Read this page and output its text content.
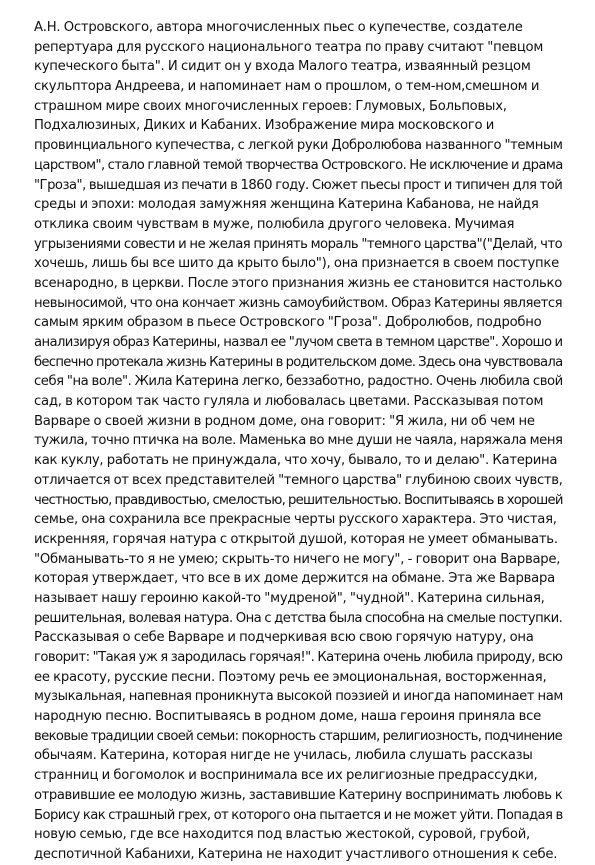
А.Н. Островского, автора многочисленных пьес о купечестве, создателе
репертуара для русского национального театра по праву считают "певцом
купеческого быта". И сидит он у входа Малого театра, изваянный резцом
скульптора Андреева, и напоминает нам о прошлом, о тем-ном,смешном и
страшном мире своих многочисленных героев: Глумовых, Больповых,
Подхалюзиных, Диких и Кабаних. Изображение мира московского и
провинциального купечества, с легкой руки Добролюбова названного "темным
царством", стало главной темой творчества Островского. Не исключение и драма
"Гроза", вышедшая из печати в 1860 году. Сюжет пьесы прост и типичен для той
среды и эпохи: молодая замужняя женщина Катерина Кабанова, не найдя
отклика своим чувствам в муже, полюбила другого человека. Мучимая
угрызениями совести и не желая принять мораль "темного царства"("Делай, что
хочешь, лишь бы все шито да крыто было"), она признается в своем поступке
всенародно, в церкви. После этого признания жизнь ее становится настолько
невыносимой, что она кончает жизнь самоубийством. Образ Катерины является
самым ярким образом в пьесе Островского "Гроза". Добролюбов, подробно
анализируя образ Катерины, назвал ее "лучом света в темном царстве". Хорошо и
беспечно протекала жизнь Катерины в родительском доме. Здесь она чувствовала
себя "на воле". Жила Катерина легко, беззаботно, радостно. Очень любила свой
сад, в котором так часто гуляла и любовалась цветами. Рассказывая потом
Варваре о своей жизни в родном доме, она говорит: "Я жила, ни об чем не
тужила, точно птичка на воле. Маменька во мне души не чаяла, наряжала меня
как куклу, работать не принуждала, что хочу, бывало, то и делаю". Катерина
отличается от всех представителей "темного царства" глубиною своих чувств,
честностью, правдивостью, смелостью, решительностью. Воспитываясь в хорошей
семье, она сохранила все прекрасные черты русского характера. Это чистая,
искренняя, горячая натура с открытой душой, которая не умеет обманывать.
"Обманывать-то я не умею; скрыть-то ничего не могу", - говорит она Варваре,
которая утверждает, что все в их доме держится на обмане. Эта же Варвара
называет нашу героиню какой-то "мудреной", "чудной". Катерина сильная,
решительная, волевая натура. Она с детства была способна на смелые поступки.
Рассказывая о себе Варваре и подчеркивая всю свою горячую натуру, она
говорит: "Такая уж я зародилась горячая!". Катерина очень любила природу, всю
ее красоту, русские песни. Поэтому речь ее эмоциональная, восторженная,
музыкальная, напевная проникнута высокой поэзией и иногда напоминает нам
народную песню. Воспитываясь в родном доме, наша героиня приняла все
вековые традиции своей семьи: покорность старшим, религиозность, подчинение
обычаям. Катерина, которая нигде не училась, любила слушать рассказы
странниц и богомолок и воспринимала все их религиозные предрассудки,
отравившие ее молодую жизнь, заставившие Катерину воспринимать любовь к
Борису как страшный грех, от которого она пытается и не может уйти. Попадая в
новую семью, где все находится под властью жестокой, суровой, грубой,
деспотичной Кабанихи, Катерина не находит участливого отношения к себе.
